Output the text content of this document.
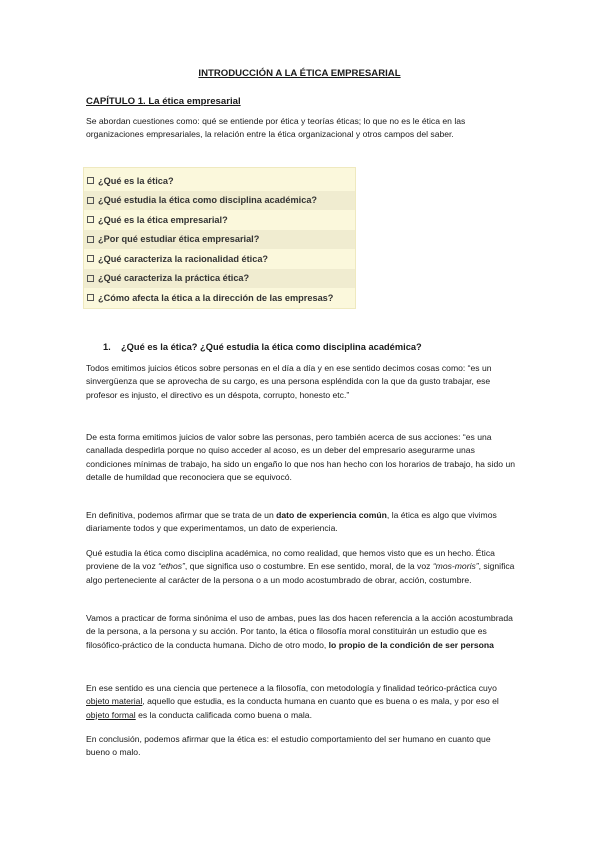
INTRODUCCIÓN A LA ÉTICA EMPRESARIAL
CAPÍTULO 1. La ética empresarial

Se abordan cuestiones como: qué se entiende por ética y teorías éticas; lo que no es le ética en las organizaciones empresariales, la relación entre la ética organizacional y otros campos del saber.

¿Qué es la ética?
¿Qué estudia la ética como disciplina académica?
¿Qué es la ética empresarial?
¿Por qué estudiar ética empresarial?
¿Qué caracteriza la racionalidad ética?
¿Qué caracteriza la práctica ética?
¿Cómo afecta la ética a la dirección de las empresas?
1. ¿Qué es la ética? ¿Qué estudia la ética como disciplina académica?

Todos emitimos juicios éticos sobre personas en el día a día y en ese sentido decimos cosas como: “es un sinvergüenza que se aprovecha de su cargo, es una persona espléndida con la que da gusto trabajar, ese profesor es injusto, el directivo es un déspota, corrupto, honesto etc.”

De esta forma emitimos juicios de valor sobre las personas, pero también acerca de sus acciones: “es una canallada despedirla porque no quiso acceder al acoso, es un deber del empresario asegurarme unas condiciones mínimas de trabajo, ha sido un engaño lo que nos han hecho con los horarios de trabajo, ha sido un detalle de humildad que reconociera que se equivocó.

En definitiva, podemos afirmar que se trata de un dato de experiencia común, la ética es algo que vivimos diariamente todos y que experimentamos, un dato de experiencia.

Qué estudia la ética como disciplina académica, no como realidad, que hemos visto que es un hecho. Ética proviene de la voz “ethos”, que significa uso o costumbre. En ese sentido, moral, de la voz “mos-moris”, significa algo perteneciente al carácter de la persona o a un modo acostumbrado de obrar, acción, costumbre.

Vamos a practicar de forma sinónima el uso de ambas, pues las dos hacen referencia a la acción acostumbrada de la persona, a la persona y su acción. Por tanto, la ética o filosofía moral constituirán un estudio que es filosófico-práctico de la conducta humana. Dicho de otro modo, lo propio de la condición de ser persona

En ese sentido es una ciencia que pertenece a la filosofía, con metodología y finalidad teórico-práctica cuyo objeto material, aquello que estudia, es la conducta humana en cuanto que es buena o es mala, y por eso el objeto formal es la conducta calificada como buena o mala.

En conclusión, podemos afirmar que la ética es: el estudio comportamiento del ser humano en cuanto que bueno o malo.
